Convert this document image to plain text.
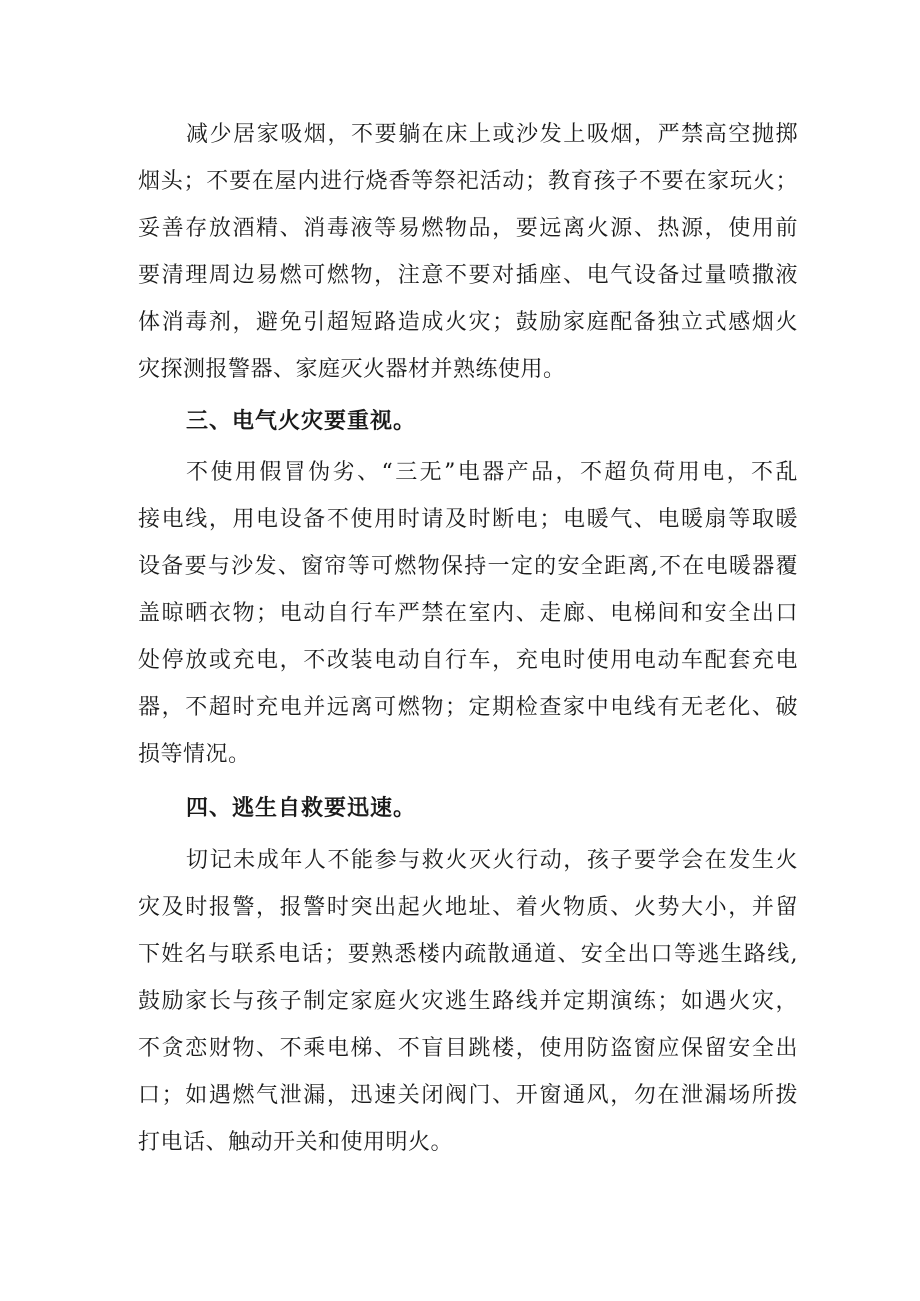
减少居家吸烟，不要躺在床上或沙发上吸烟，严禁高空抛掷
烟头；不要在屋内进行烧香等祭祀活动；教育孩子不要在家玩火；
妥善存放酒精、消毒液等易燃物品，要远离火源、热源，使用前
要清理周边易燃可燃物，注意不要对插座、电气设备过量喷撒液
体消毒剂，避免引超短路造成火灾；鼓励家庭配备独立式感烟火
灾探测报警器、家庭灭火器材并熟练使用。
三、电气火灾要重视。
不使用假冒伪劣、“三无”电器产品，不超负荷用电，不乱
接电线，用电设备不使用时请及时断电；电暖气、电暖扇等取暖
设备要与沙发、窗帘等可燃物保持一定的安全距离,不在电暖器覆
盖晾晒衣物；电动自行车严禁在室内、走廊、电梯间和安全出口
处停放或充电，不改装电动自行车，充电时使用电动车配套充电
器，不超时充电并远离可燃物；定期检查家中电线有无老化、破
损等情况。
四、逃生自救要迅速。
切记未成年人不能参与救火灭火行动，孩子要学会在发生火
灾及时报警，报警时突出起火地址、着火物质、火势大小，并留
下姓名与联系电话；要熟悉楼内疏散通道、安全出口等逃生路线,
鼓励家长与孩子制定家庭火灾逃生路线并定期演练；如遇火灾，
不贪恋财物、不乘电梯、不盲目跳楼，使用防盗窗应保留安全出
口；如遇燃气泄漏，迅速关闭阀门、开窗通风，勿在泄漏场所拨
打电话、触动开关和使用明火。
